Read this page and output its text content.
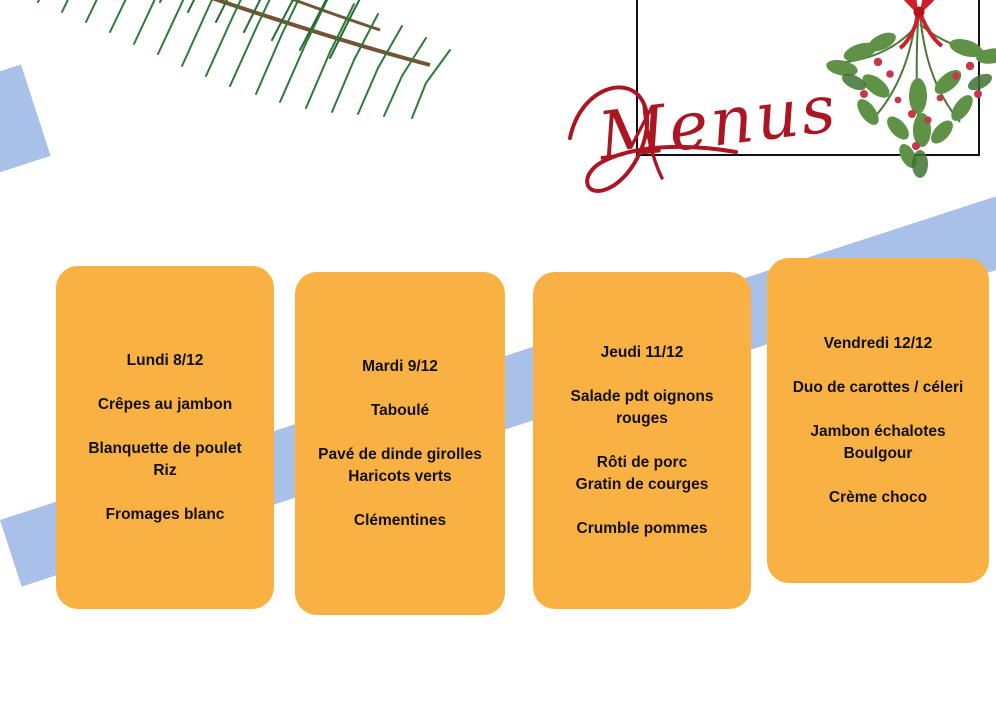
Menus

Lundi 8/12

Crêpes au jambon

Blanquette de poulet

Riz

Fromages blanc

Mardi 9/12

Taboulé

Pavé de dinde girolles

Haricots verts

Clémentines

Jeudi 11/12

Salade pdt oignons

rouges

Rôti de porc

Gratin de courges

Crumble pommes

Vendredi 12/12

Duo de carottes / céleri

Jambon échalotes

Boulgour

Crème choco
